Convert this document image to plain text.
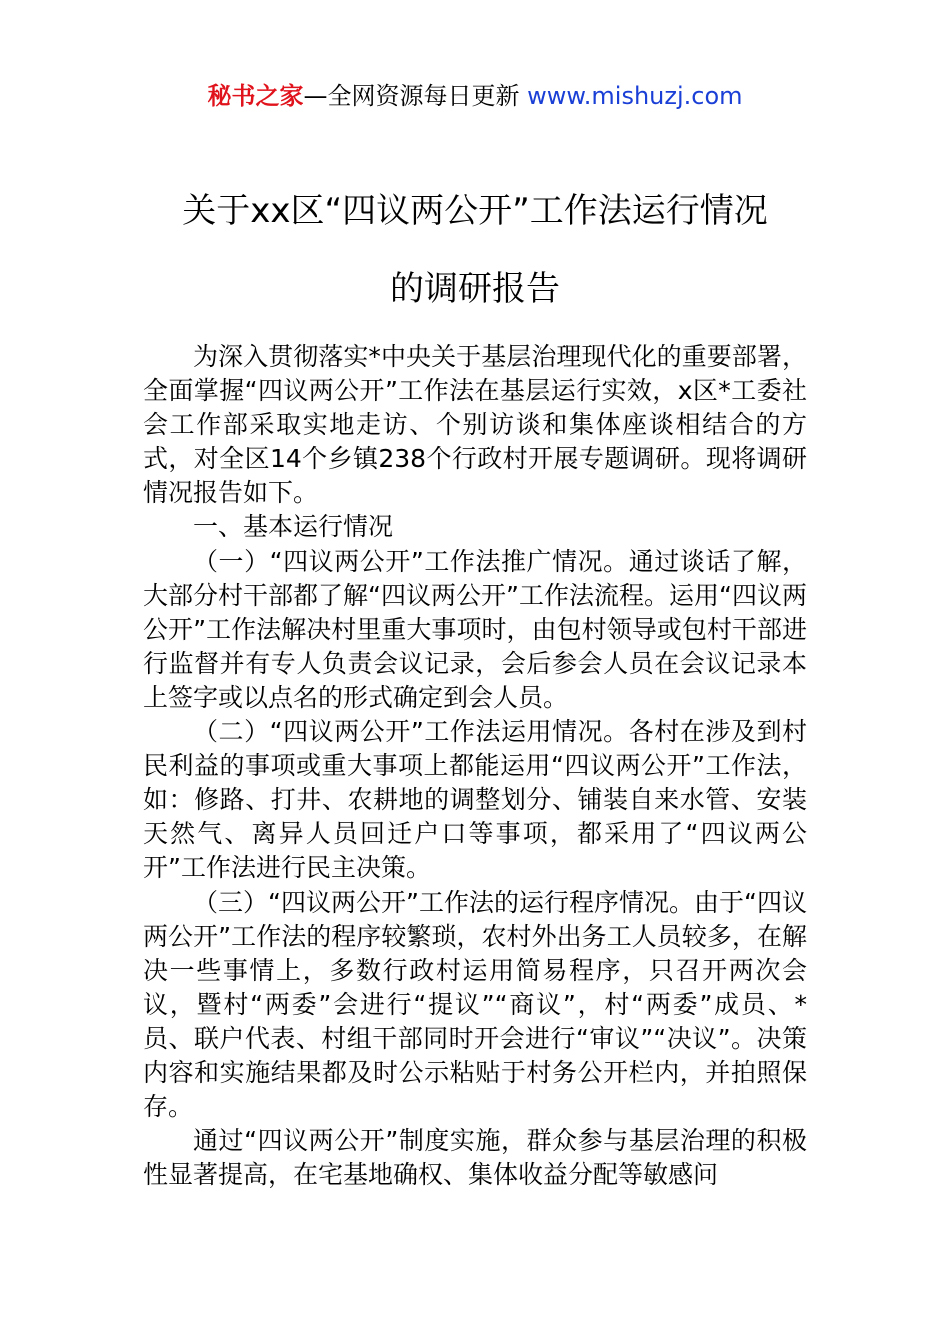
秘书之家—全网资源每日更新 www.mishuzj.com
关于xx区“四议两公开”工作法运行情况
的调研报告

为深入贯彻落实*中央关于基层治理现代化的重要部署，全面掌握“四议两公开”工作法在基层运行实效，x区*工委社会工作部采取实地走访、个别访谈和集体座谈相结合的方式，对全区14个乡镇238个行政村开展专题调研。现将调研情况报告如下。

一、基本运行情况

（一）“四议两公开”工作法推广情况。通过谈话了解，大部分村干部都了解“四议两公开”工作法流程。运用“四议两公开”工作法解决村里重大事项时，由包村领导或包村干部进行监督并有专人负责会议记录，会后参会人员在会议记录本上签字或以点名的形式确定到会人员。

（二）“四议两公开”工作法运用情况。各村在涉及到村民利益的事项或重大事项上都能运用“四议两公开”工作法，如：修路、打井、农耕地的调整划分、铺装自来水管、安装天然气、离异人员回迁户口等事项，都采用了“四议两公开”工作法进行民主决策。

（三）“四议两公开”工作法的运行程序情况。由于“四议两公开”工作法的程序较繁琐，农村外出务工人员较多，在解决一些事情上，多数行政村运用简易程序，只召开两次会议，暨村“两委”会进行“提议”“商议”，村“两委”成员、*员、联户代表、村组干部同时开会进行“审议”“决议”。决策内容和实施结果都及时公示粘贴于村务公开栏内，并拍照保存。

通过“四议两公开”制度实施，群众参与基层治理的积极性显著提高，在宅基地确权、集体收益分配等敏感问
